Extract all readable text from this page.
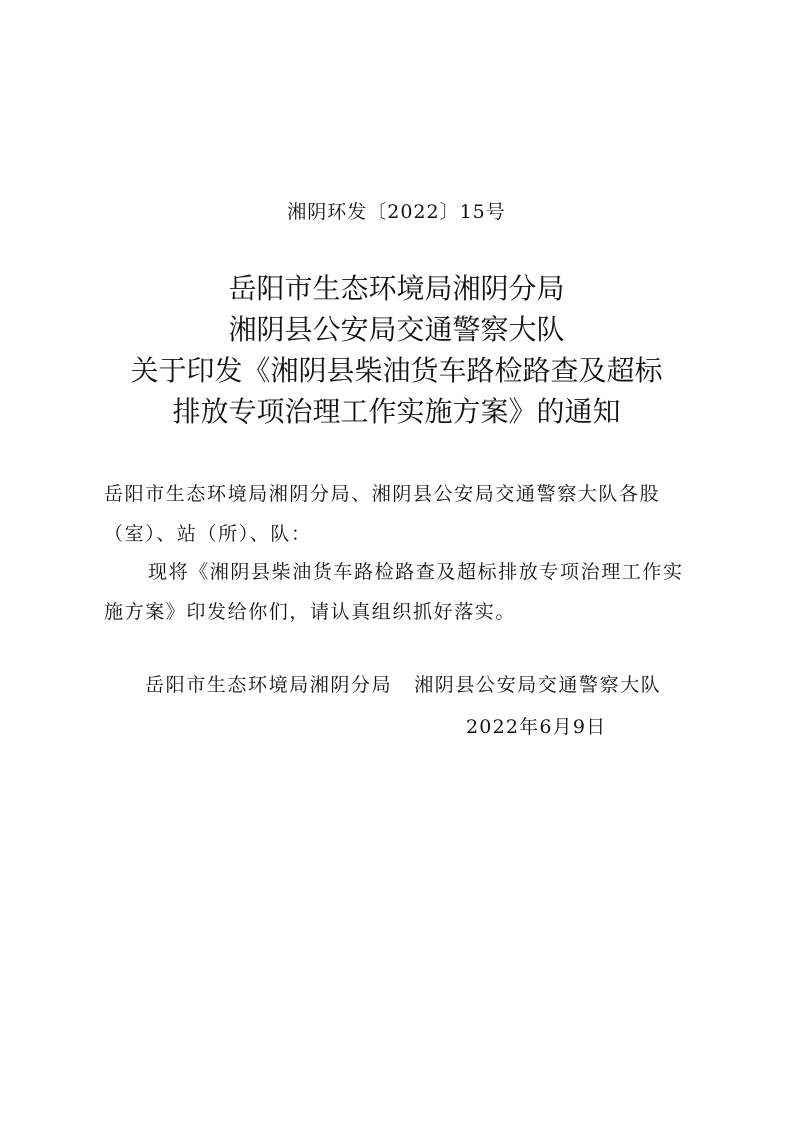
湘阴环发〔2022〕15号
岳阳市生态环境局湘阴分局
湘阴县公安局交通警察大队
关于印发《湘阴县柴油货车路检路查及超标
排放专项治理工作实施方案》的通知
岳阳市生态环境局湘阴分局、湘阴县公安局交通警察大队各股
（室）、站（所）、队：
现将《湘阴县柴油货车路检路查及超标排放专项治理工作实
施方案》印发给你们，请认真组织抓好落实。
岳阳市生态环境局湘阴分局 湘阴县公安局交通警察大队
2022年6月9日
